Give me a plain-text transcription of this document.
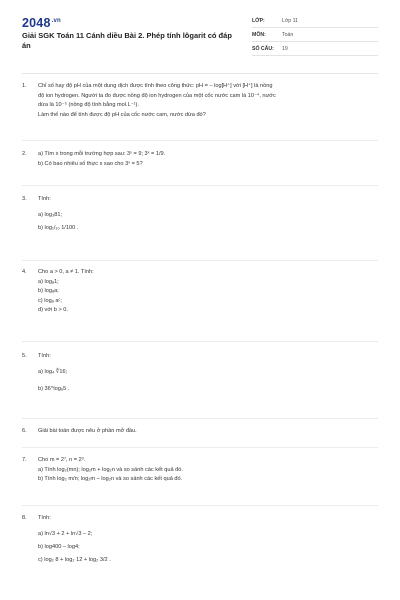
$2048^{.vn}$
Giải SGK Toán 11 Cánh diều Bài 2. Phép tính lôgarit có đáp án
LỚP:	Lớp 11
MÔN:	Toán
SỐ CÂU:	19
1.	Chỉ số hay độ pH của một dung dịch được tính theo công thức: pH = – log[H⁺] với [H⁺] là nồng
độ ion hydrogen. Người ta đo được nồng độ ion hydrogen của một cốc nước cam là 10⁻⁴, nước
dừa là 10⁻⁵ (nồng độ tính bằng mol.L⁻¹).
Làm thế nào để tính được độ pH của cốc nước cam, nước dừa đó?
2.	a) Tìm x trong mỗi trường hợp sau: 3ˣ = 9; 3ˣ = 1/9.
b) Có bao nhiêu số thực x sao cho 3ˣ = 5?
3.	Tính:
a) log₃81;
b) log₁/₁₀ 1/100 .
4.	Cho a > 0, a ≠ 1. Tính:
a) logₐ1;
b) logₐa;
c) logₐ aᶜ;
d) với b > 0.
5.	Tính:
a) log₄ ∜16;
b) 36^log₆5 .
6.	Giải bài toán được nêu ở phần mở đầu.
7.	Cho m = 2⁷, n = 2³.
a) Tính log₂(mn); log₂m + log₂n và so sánh các kết quả đó.
b) Tính log₂ m/n; log₂m – log₂n và so sánh các kết quả đó.
8.	Tính:
a) ln√3 + 2 + ln√3 – 2;
b) log400 – log4;
c) log₂ 8 + log₂ 12 + log₂ 3/2 .
